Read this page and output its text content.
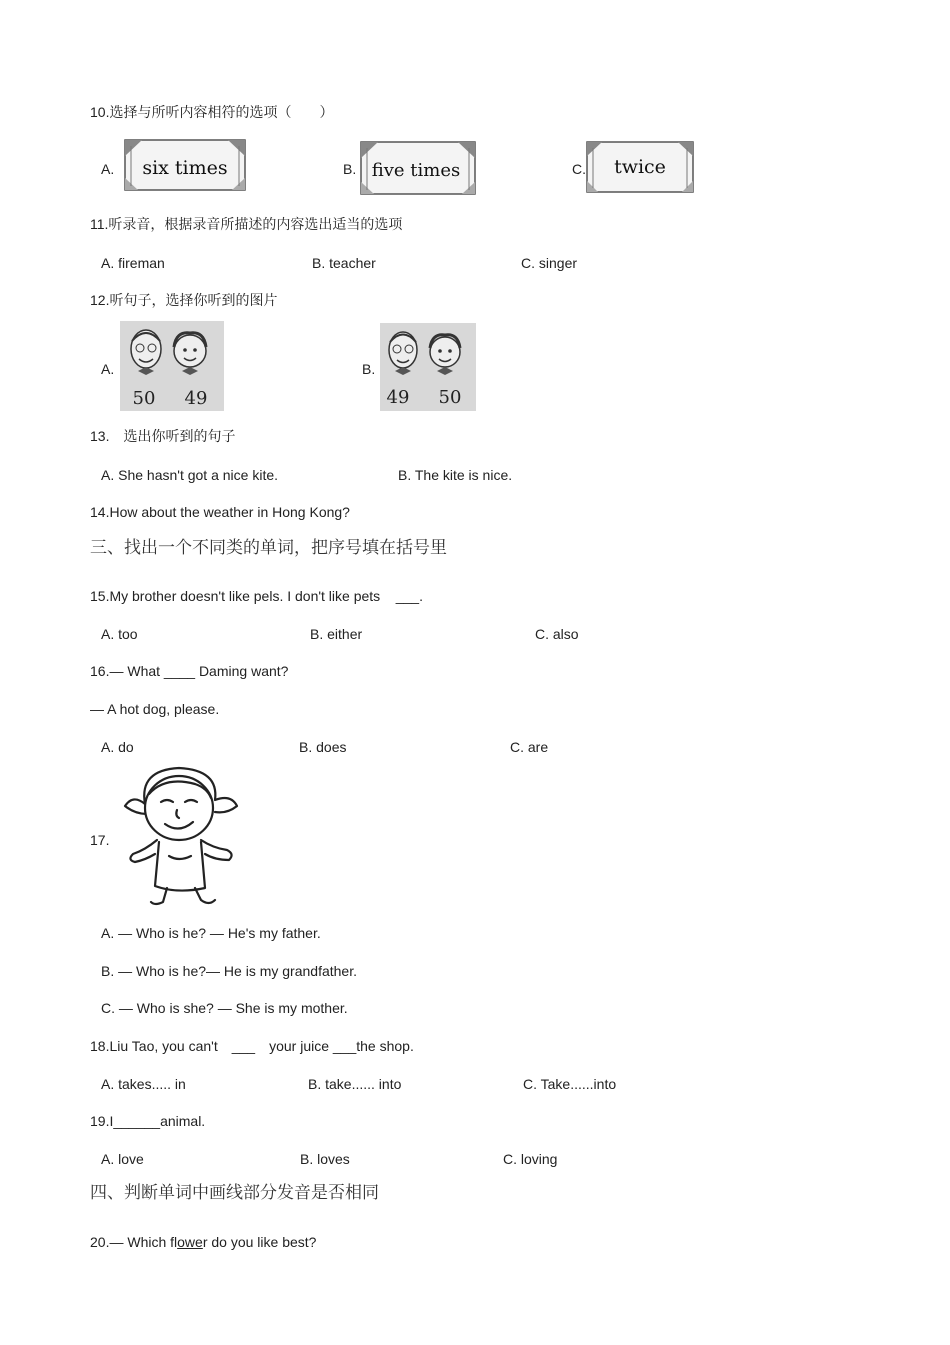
10.选择与所听内容相符的选项（　　）
A. six times	B. five times	C. twice
11.听录音，根据录音所描述的内容选出适当的选项
A. fireman	B. teacher	C. singer
12.听句子，选择你听到的图片
A.
50 49
B.
49 50
13.　选出你听到的句子
A. She hasn't got a nice kite.	B. The kite is nice.
14.How about the weather in Hong Kong?
三、找出一个不同类的单词，把序号填在括号里
15.My brother doesn't like pels. I don't like pets ___.
A. too	B. either	C. also
16.— What ____ Daming want?
— A hot dog, please.
A. do	B. does	C. are
17.
A. — Who is he? — He's my father.
B. — Who is he?— He is my grandfather.
C. — Who is she? — She is my mother.
18.Liu Tao, you can't　___　your juice ___the shop.
A. takes..... in	B. take...... into	C. Take......into
19.I______animal.
A. love	B. loves	C. loving
四、判断单词中画线部分发音是否相同
20.— Which flower do you like best?
